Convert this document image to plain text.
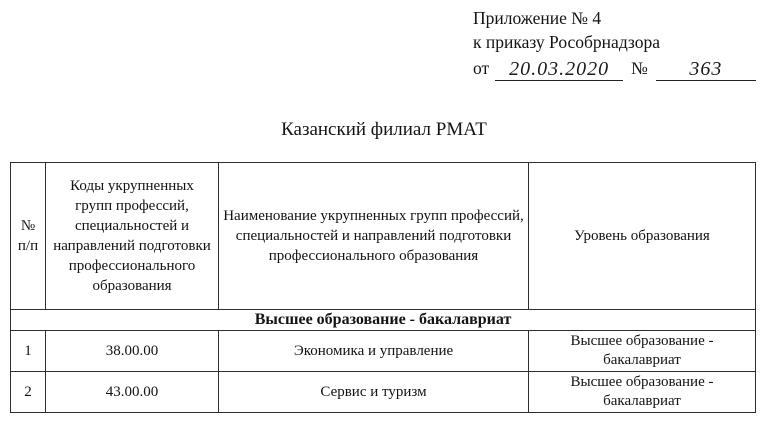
Приложение № 4
к приказу Рособрнадзора
от	20.03.2020	№	363
Казанский филиал РМАТ
№ п/п	Коды укрупненных групп профессий, специальностей и направлений подготовки профессионального образования	Наименование укрупненных групп профессий, специальностей и направлений подготовки профессионального образования	Уровень образования
Высшее образование - бакалавриат			
1	38.00.00	Экономика и управление	Высшее образование - бакалавриат
2	43.00.00	Сервис и туризм	Высшее образование - бакалавриат
